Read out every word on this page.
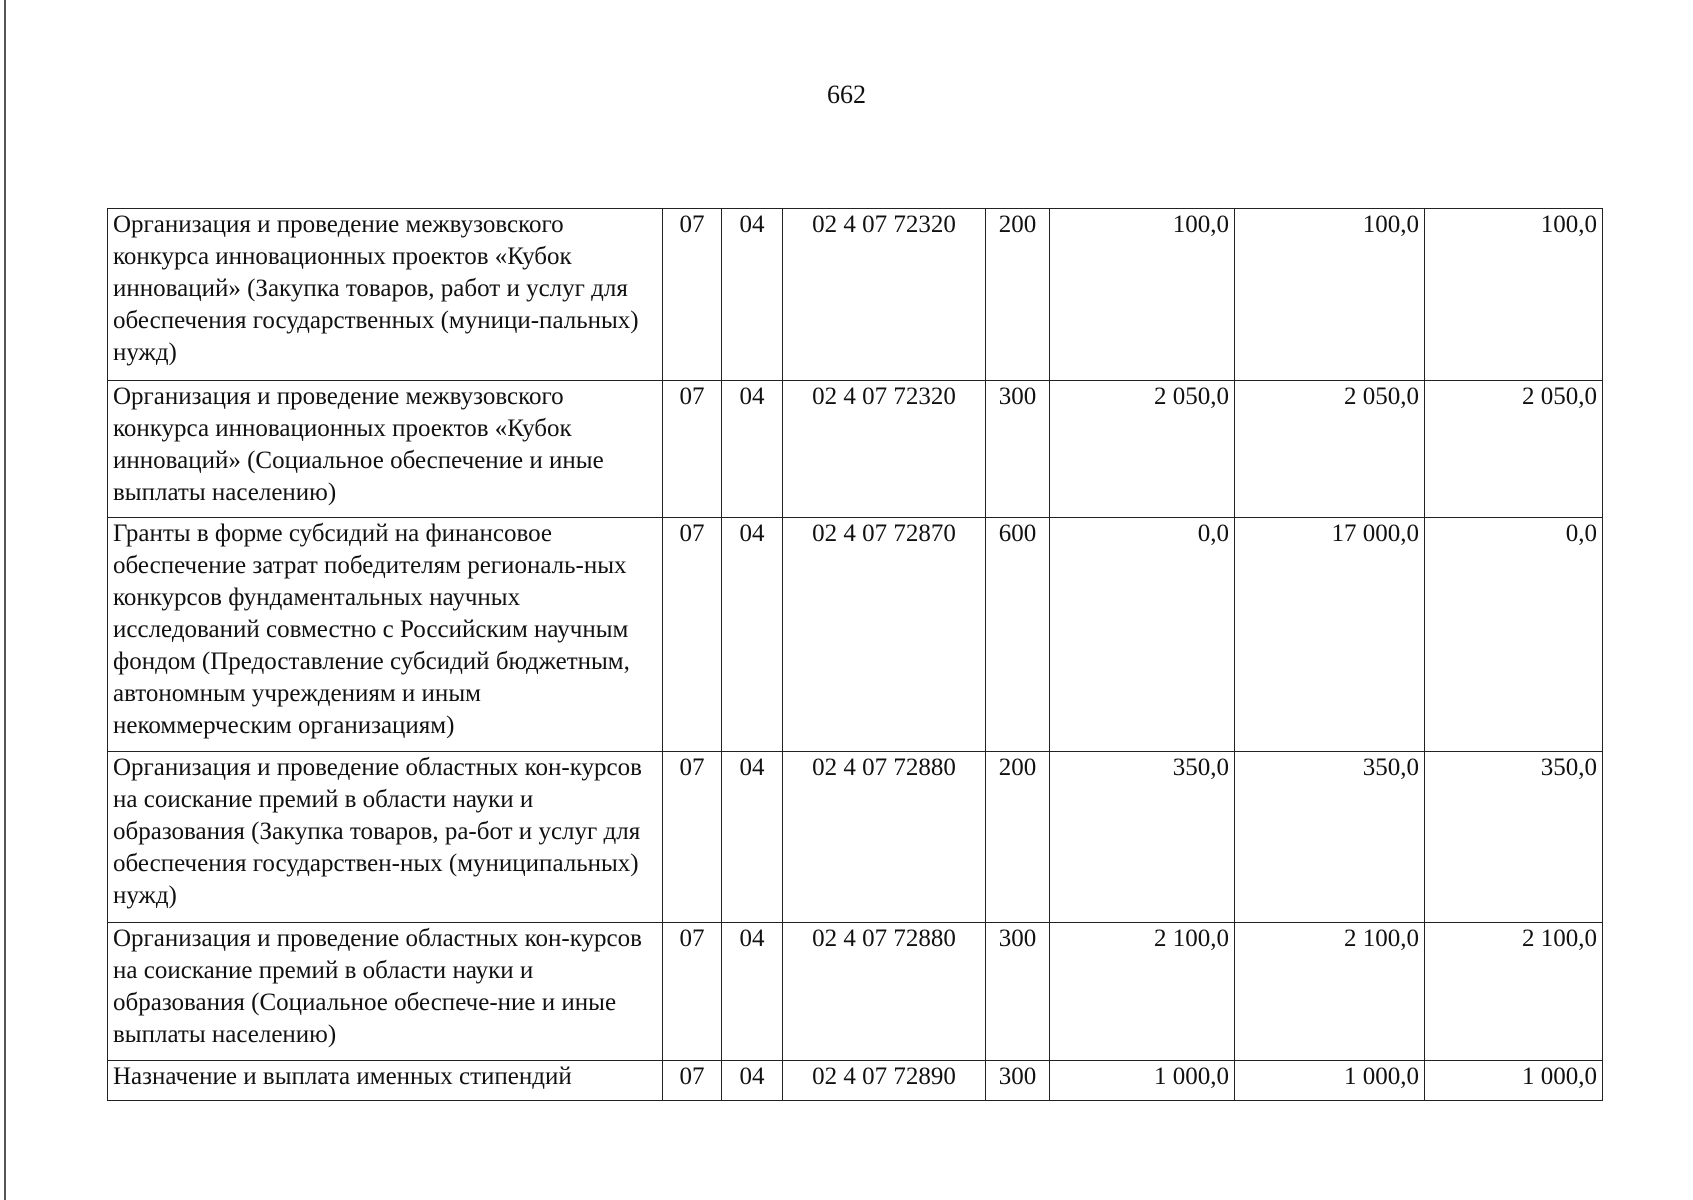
662
Организация и проведение межвузовского конкурса инновационных проектов «Кубок инноваций» (Закупка товаров, работ и услуг для обеспечения государственных (муници-пальных) нужд)	07	04	02 4 07 72320	200	100,0	100,0	100,0
Организация и проведение межвузовского конкурса инновационных проектов «Кубок инноваций» (Социальное обеспечение и иные выплаты населению)	07	04	02 4 07 72320	300	2 050,0	2 050,0	2 050,0
Гранты в форме субсидий на финансовое обеспечение затрат победителям региональ-ных конкурсов фундаментальных научных исследований совместно с Российским научным фондом (Предоставление субсидий бюджетным, автономным учреждениям и иным некоммерческим организациям)	07	04	02 4 07 72870	600	0,0	17 000,0	0,0
Организация и проведение областных кон-курсов на соискание премий в области науки и образования (Закупка товаров, ра-бот и услуг для обеспечения государствен-ных (муниципальных) нужд)	07	04	02 4 07 72880	200	350,0	350,0	350,0
Организация и проведение областных кон-курсов на соискание премий в области науки и образования (Социальное обеспече-ние и иные выплаты населению)	07	04	02 4 07 72880	300	2 100,0	2 100,0	2 100,0
Назначение и выплата именных стипендий	07	04	02 4 07 72890	300	1 000,0	1 000,0	1 000,0
